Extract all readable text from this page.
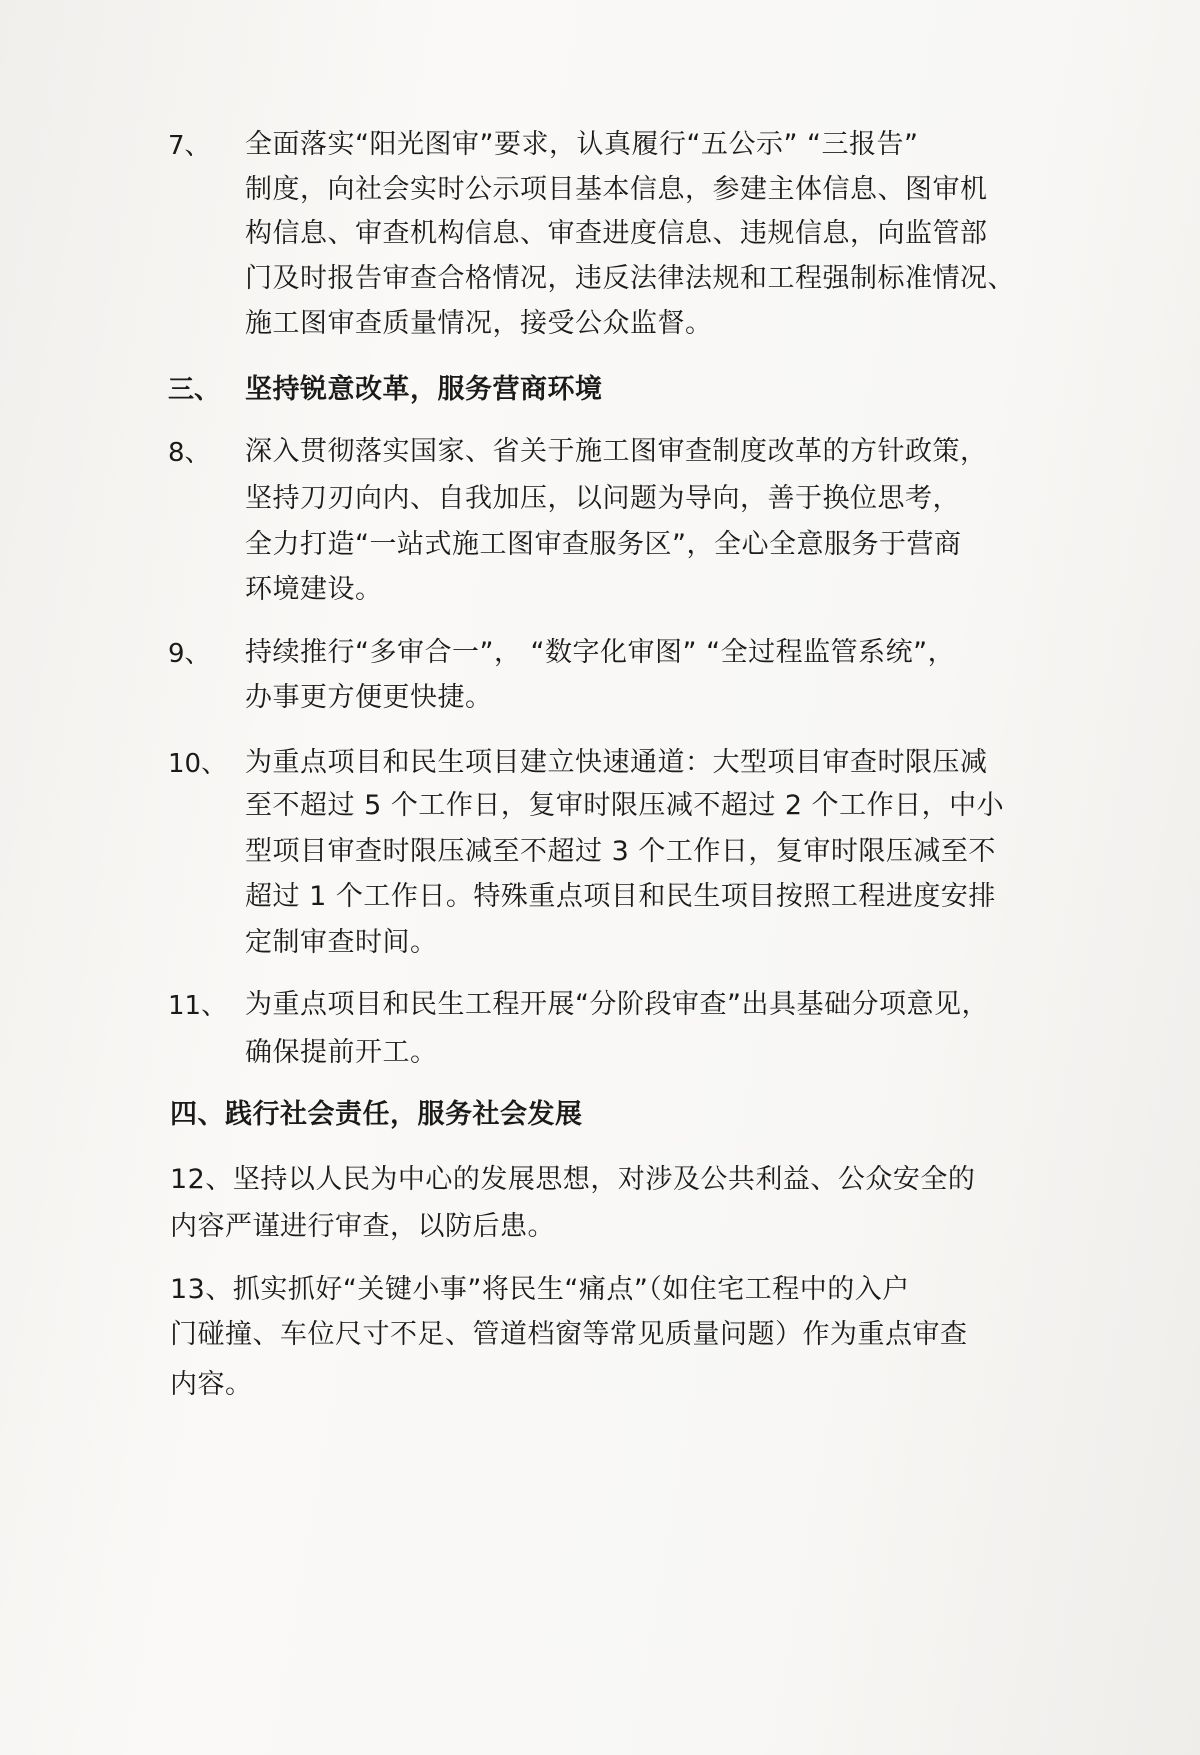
7、 全面落实“阳光图审”要求，认真履行“五公示” “三报告”
制度，向社会实时公示项目基本信息，参建主体信息、图审机
构信息、审查机构信息、审查进度信息、违规信息，向监管部
门及时报告审查合格情况，违反法律法规和工程强制标准情况、
施工图审查质量情况，接受公众监督。
三、 坚持锐意改革，服务营商环境
8、 深入贯彻落实国家、省关于施工图审查制度改革的方针政策，
坚持刀刃向内、自我加压，以问题为导向，善于换位思考，
全力打造“一站式施工图审查服务区”，全心全意服务于营商
环境建设。
9、 持续推行“多审合一”， “数字化审图” “全过程监管系统”，
办事更方便更快捷。
10、 为重点项目和民生项目建立快速通道：大型项目审查时限压减
至不超过 5 个工作日，复审时限压减不超过 2 个工作日，中小
型项目审查时限压减至不超过 3 个工作日，复审时限压减至不
超过 1 个工作日。特殊重点项目和民生项目按照工程进度安排
定制审查时间。
11、 为重点项目和民生工程开展“分阶段审查”出具基础分项意见，
确保提前开工。
四、践行社会责任，服务社会发展
12、坚持以人民为中心的发展思想，对涉及公共利益、公众安全的
内容严谨进行审查，以防后患。
13、抓实抓好“关键小事”将民生“痛点”（如住宅工程中的入户
门碰撞、车位尺寸不足、管道档窗等常见质量问题）作为重点审查
内容。
